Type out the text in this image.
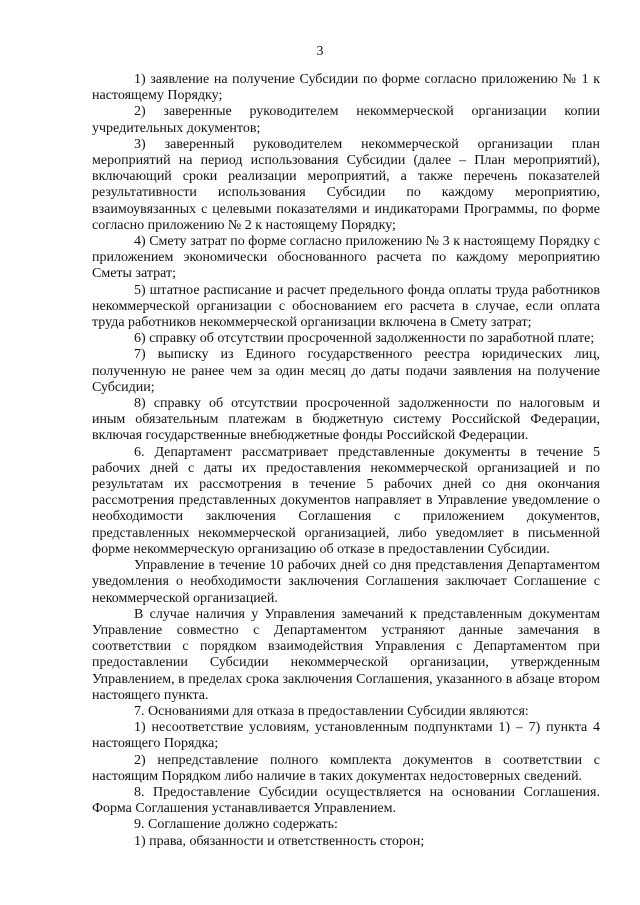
3

1) заявление на получение Субсидии по форме согласно приложению № 1 к настоящему Порядку;

2) заверенные руководителем некоммерческой организации копии учредительных документов;

3) заверенный руководителем некоммерческой организации план мероприятий на период использования Субсидии (далее – План мероприятий), включающий сроки реализации мероприятий, а также перечень показателей результативности использования Субсидии по каждому мероприятию, взаимоувязанных с целевыми показателями и индикаторами Программы, по форме согласно приложению № 2 к настоящему Порядку;

4) Смету затрат по форме согласно приложению № 3 к настоящему Порядку с приложением экономически обоснованного расчета по каждому мероприятию Сметы затрат;

5) штатное расписание и расчет предельного фонда оплаты труда работников некоммерческой организации с обоснованием его расчета в случае, если оплата труда работников некоммерческой организации включена в Смету затрат;

6) справку об отсутствии просроченной задолженности по заработной плате;

7) выписку из Единого государственного реестра юридических лиц, полученную не ранее чем за один месяц до даты подачи заявления на получение Субсидии;

8) справку об отсутствии просроченной задолженности по налоговым и иным обязательным платежам в бюджетную систему Российской Федерации, включая государственные внебюджетные фонды Российской Федерации.

6. Департамент рассматривает представленные документы в течение 5 рабочих дней с даты их предоставления некоммерческой организацией и по результатам их рассмотрения в течение 5 рабочих дней со дня окончания рассмотрения представленных документов направляет в Управление уведомление о необходимости заключения Соглашения с приложением документов, представленных некоммерческой организацией, либо уведомляет в письменной форме некоммерческую организацию об отказе в предоставлении Субсидии.

Управление в течение 10 рабочих дней со дня представления Департаментом уведомления о необходимости заключения Соглашения заключает Соглашение с некоммерческой организацией.

В случае наличия у Управления замечаний к представленным документам Управление совместно с Департаментом устраняют данные замечания в соответствии с порядком взаимодействия Управления с Департаментом при предоставлении Субсидии некоммерческой организации, утвержденным Управлением, в пределах срока заключения Соглашения, указанного в абзаце втором настоящего пункта.

7. Основаниями для отказа в предоставлении Субсидии являются:

1) несоответствие условиям, установленным подпунктами 1) – 7) пункта 4 настоящего Порядка;

2) непредставление полного комплекта документов в соответствии с настоящим Порядком либо наличие в таких документах недостоверных сведений.

8. Предоставление Субсидии осуществляется на основании Соглашения. Форма Соглашения устанавливается Управлением.

9. Соглашение должно содержать:

1) права, обязанности и ответственность сторон;
